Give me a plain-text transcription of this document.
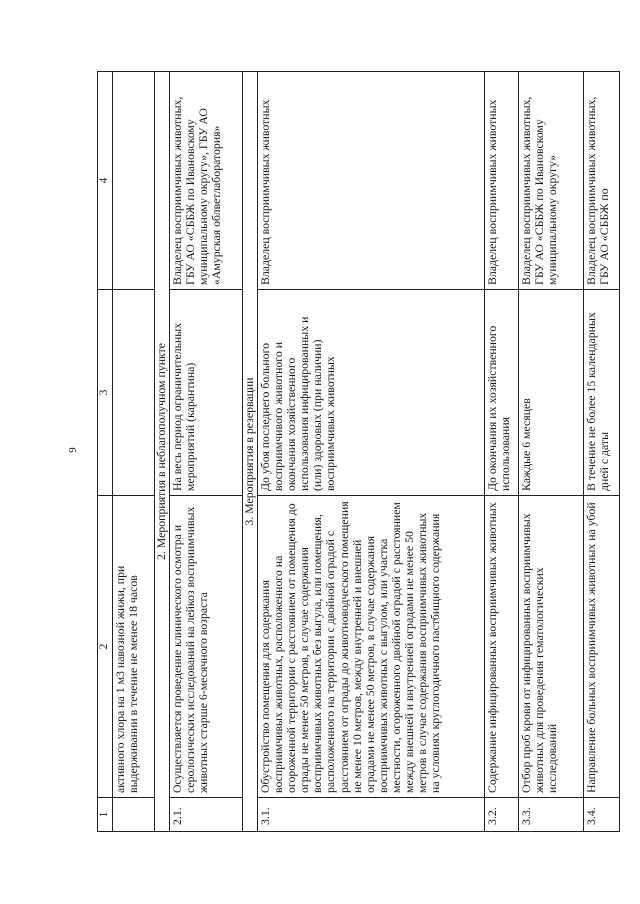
9
1	2	3	4
	активного хлора на 1 м3 навозной жижи, при выдерживании в течение не менее 18 часов		
2. Мероприятия в неблагополучном пункте			
2.1.	Осуществляется проведение клинического осмотра и серологических исследований на лейкоз восприимчивых животных старше 6-месячного возраста	На весь период ограничительных мероприятий (карантина)	Владелец восприимчивых животных, ГБУ АО «СББЖ по Ивановскому муниципальному округу», ГБУ АО «Амурская облветлаборатория»
3. Мероприятия в резервации			
3.1.	Обустройство помещения для содержания восприимчивых животных, расположенного на огороженной территории с расстоянием от помещения до ограды не менее 50 метров, в случае содержания восприимчивых животных без выгула, или помещения, расположенного на территории с двойной оградой с расстоянием от ограды до животноводческого помещения не менее 10 метров, между внутренней и внешней оградами не менее 50 метров, в случае содержания восприимчивых животных с выгулом, или участка местности, огороженного двойной оградой с расстоянием между внешней и внутренней оградами не менее 50 метров в случае содержания восприимчивых животных на условиях круглогодичного пастбищного содержания	До убоя последнего больного восприимчивого животного и окончания хозяйственного использования инфицированных и (или) здоровых (при наличии) восприимчивых животных	Владелец восприимчивых животных
3.2.	Содержание инфицированных восприимчивых животных	До окончания их хозяйственного использования	Владелец восприимчивых животных
3.3.	Отбор проб крови от инфицированных восприимчивых животных для проведения гематологических исследований	Каждые 6 месяцев	Владелец восприимчивых животных, ГБУ АО «СББЖ по Ивановскому муниципальному округу»
3.4.	Направление больных восприимчивых животных на убой	В течение не более 15 календарных дней с даты	Владелец восприимчивых животных, ГБУ АО «СББЖ по
